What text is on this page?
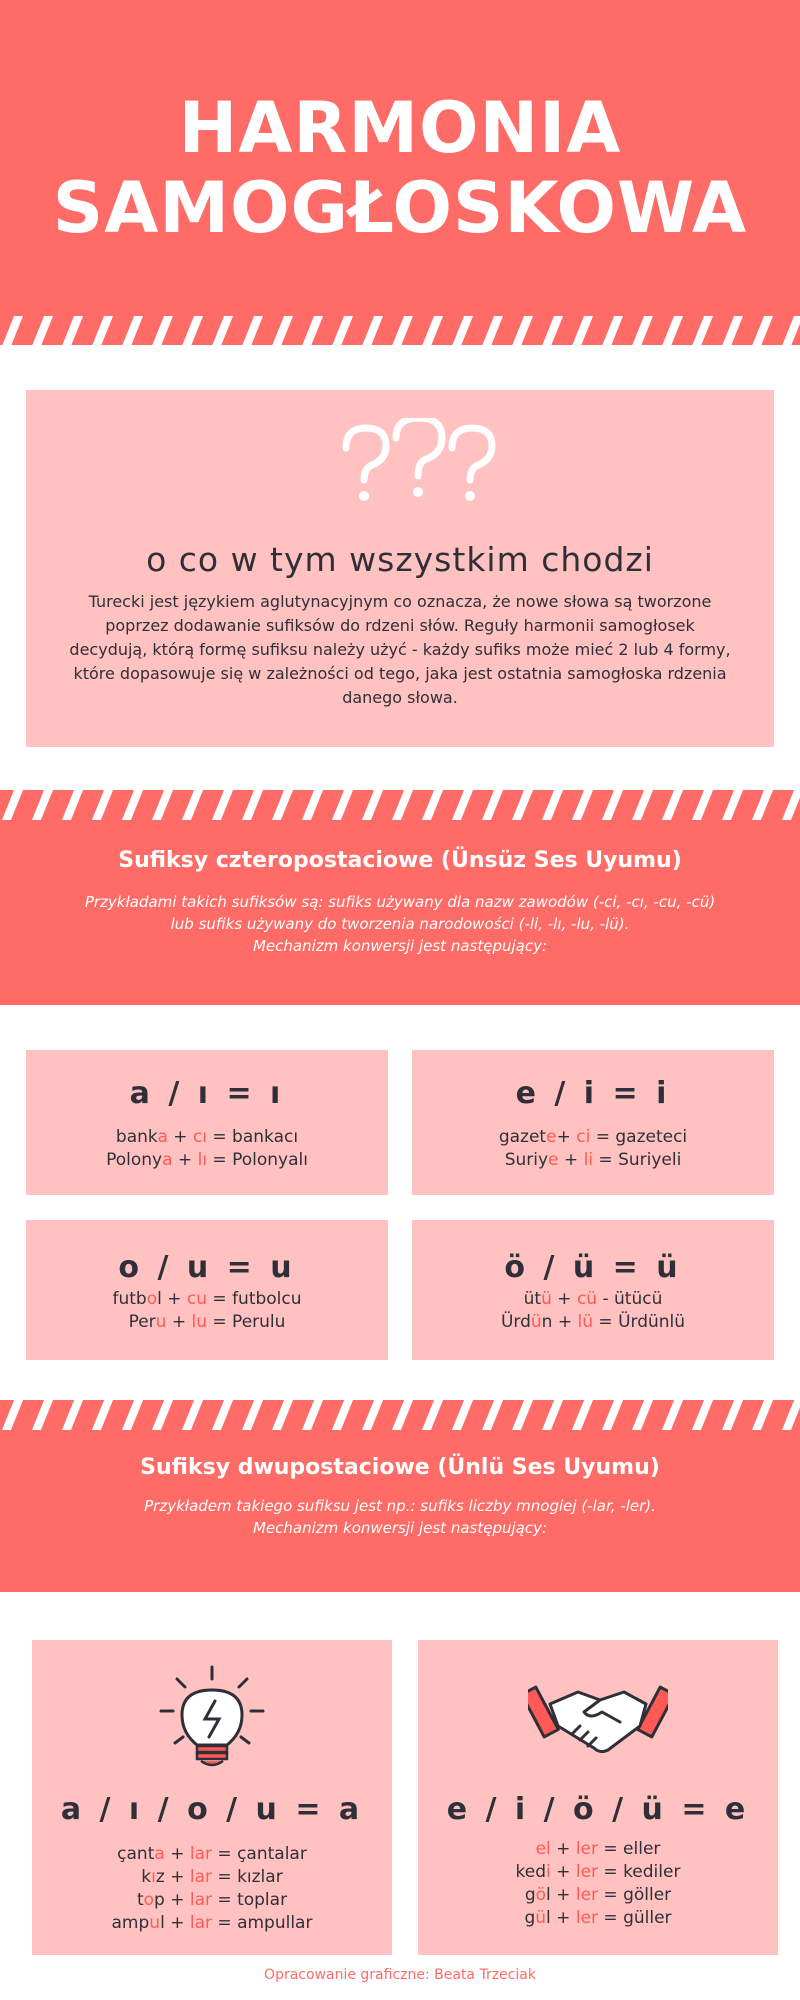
HARMONIA
SAMOGŁOSKOWA
o co w tym wszystkim chodzi
Turecki jest językiem aglutynacyjnym co oznacza, że nowe słowa są tworzone poprzez dodawanie sufiksów do rdzeni słów. Reguły harmonii samogłosek decydują, którą formę sufiksu należy użyć - każdy sufiks może mieć 2 lub 4 formy, które dopasowuje się w zależności od tego, jaka jest ostatnia samogłoska rdzenia danego słowa.
Sufiksy czteropostaciowe (Ünsüz Ses Uyumu)
Przykładami takich sufiksów są: sufiks używany dla nazw zawodów (-ci, -cı, -cu, -cü)
lub sufiks używany do tworzenia narodowości (-li, -lı, -lu, -lü).
Mechanizm konwersji jest następujący:
a / ı = ı
banka + cı = bankacı
Polonya + lı = Polonyalı
e / i = i
gazete+ ci = gazeteci
Suriye + li = Suriyeli
o / u = u
futbol + cu = futbolcu
Peru + lu = Perulu
ö / ü = ü
ütü + cü - ütücü
Ürdün + lü = Ürdünlü
Sufiksy dwupostaciowe (Ünlü Ses Uyumu)
Przykładem takiego sufiksu jest np.: sufiks liczby mnogiej (-lar, -ler).
Mechanizm konwersji jest następujący:
a / ı / o / u = a
çanta + lar = çantalar
kız + lar = kızlar
top + lar = toplar
ampul + lar = ampullar
e / i / ö / ü = e
el + ler = eller
kedi + ler = kediler
göl + ler = göller
gül + ler = güller
Opracowanie graficzne: Beata Trzeciak
